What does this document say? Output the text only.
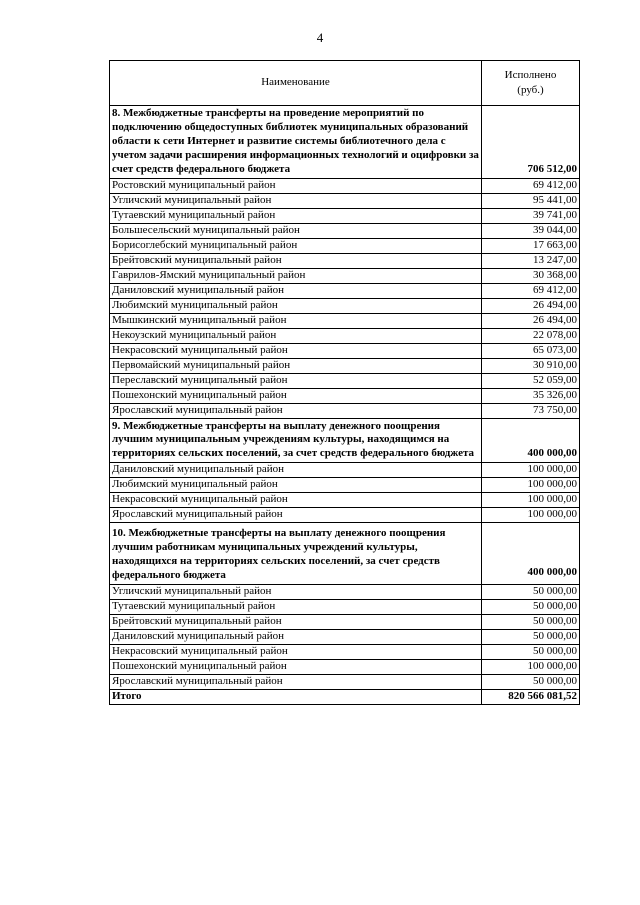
4
Наименование	Исполнено
(руб.)
8. Межбюджетные трансферты на проведение мероприятий по подключению общедоступных библиотек муниципальных образований области к сети Интернет и развитие системы библиотечного дела с учетом задачи расширения информационных технологий и оцифровки за счет средств федерального бюджета	706 512,00
Ростовский муниципальный район	69 412,00
Угличский муниципальный район	95 441,00
Тутаевский муниципальный район	39 741,00
Большесельский муниципальный район	39 044,00
Борисоглебский муниципальный район	17 663,00
Брейтовский муниципальный район	13 247,00
Гаврилов-Ямский муниципальный район	30 368,00
Даниловский муниципальный район	69 412,00
Любимский муниципальный район	26 494,00
Мышкинский муниципальный район	26 494,00
Некоузский муниципальный район	22 078,00
Некрасовский муниципальный район	65 073,00
Первомайский муниципальный район	30 910,00
Переславский муниципальный район	52 059,00
Пошехонский муниципальный район	35 326,00
Ярославский муниципальный район	73 750,00
9. Межбюджетные трансферты на выплату денежного поощрения лучшим муниципальным учреждениям культуры, находящимся на территориях сельских поселений, за счет средств федерального бюджета	400 000,00
Даниловский муниципальный район	100 000,00
Любимский муниципальный район	100 000,00
Некрасовский муниципальный район	100 000,00
Ярославский муниципальный район	100 000,00
10. Межбюджетные трансферты на выплату денежного поощрения лучшим работникам муниципальных учреждений культуры, находящихся на территориях сельских поселений, за счет средств федерального бюджета	400 000,00
Угличский муниципальный район	50 000,00
Тутаевский муниципальный район	50 000,00
Брейтовский муниципальный район	50 000,00
Даниловский муниципальный район	50 000,00
Некрасовский муниципальный район	50 000,00
Пошехонский муниципальный район	100 000,00
Ярославский муниципальный район	50 000,00
Итого	820 566 081,52
